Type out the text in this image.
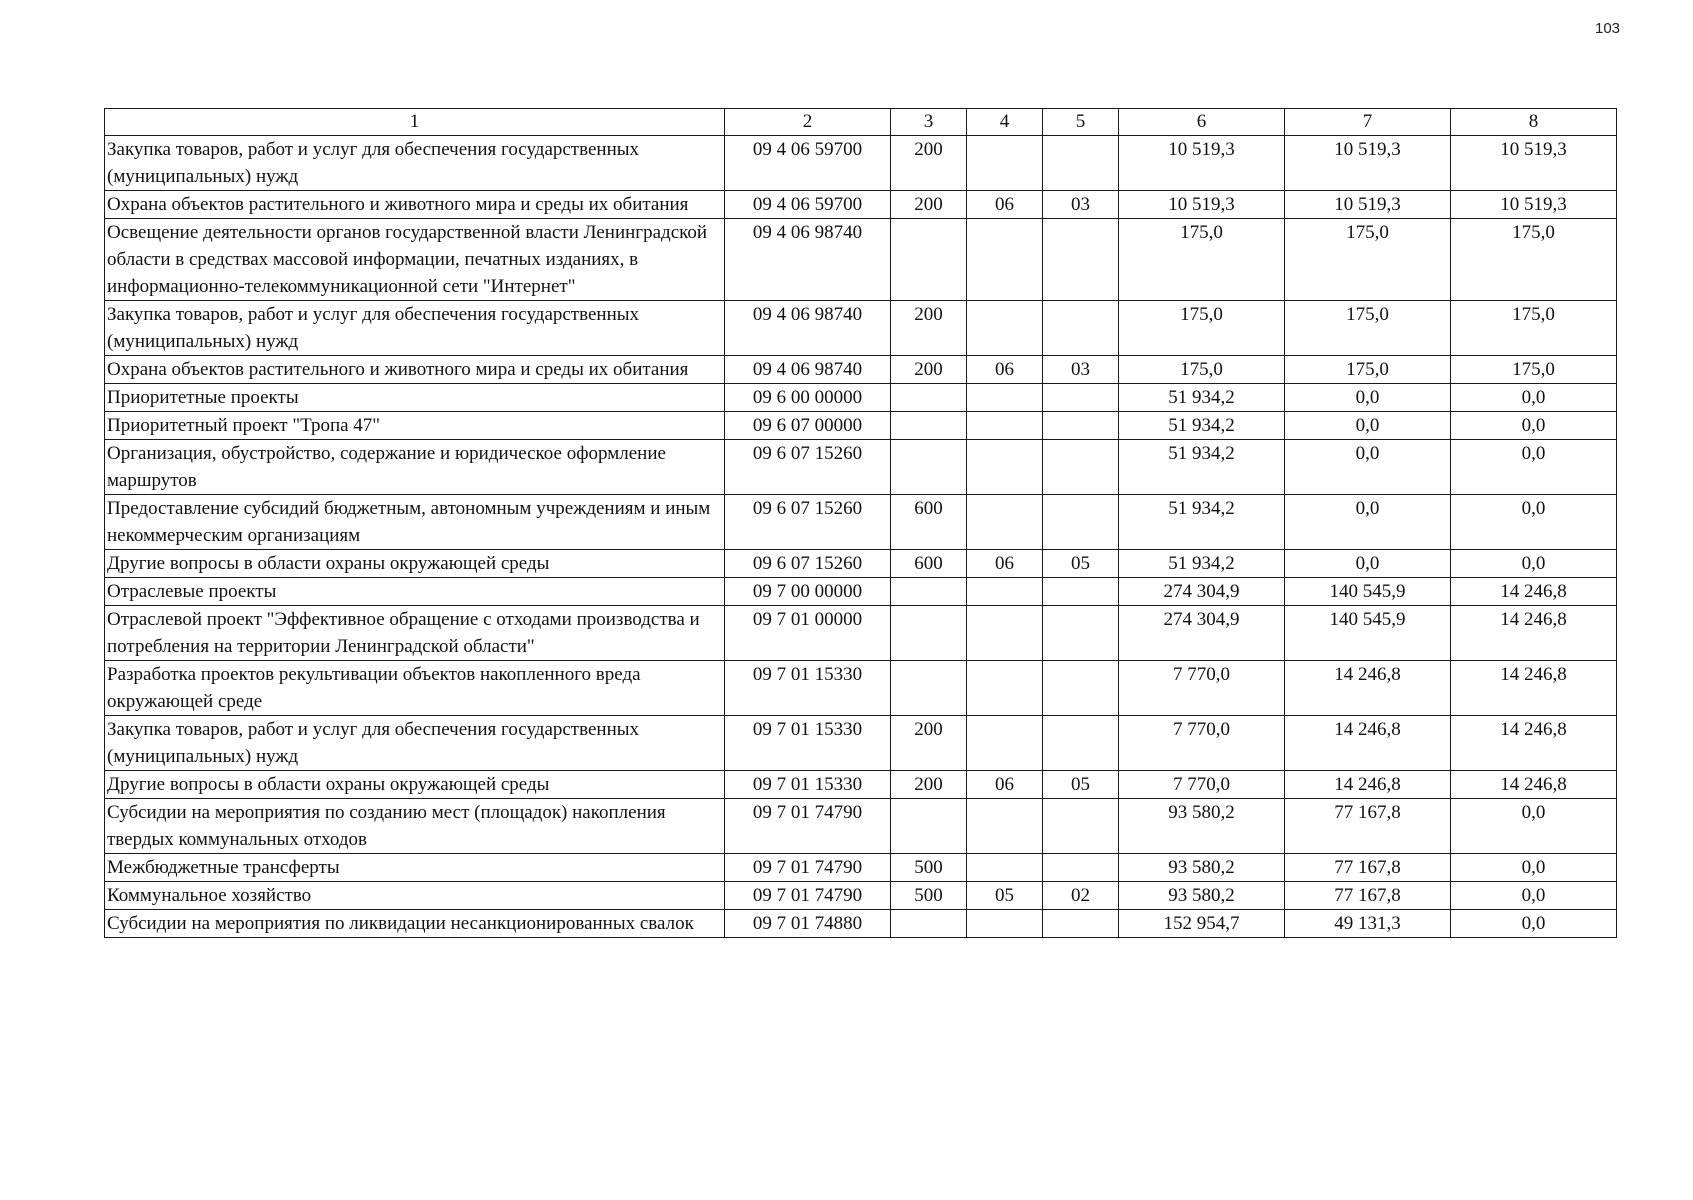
103
1	2	3	4	5	6	7	8
Закупка товаров, работ и услуг для обеспечения государственных (муниципальных) нужд	09 4 06 59700	200			10 519,3	10 519,3	10 519,3
Охрана объектов растительного и животного мира и среды их обитания	09 4 06 59700	200	06	03	10 519,3	10 519,3	10 519,3
Освещение деятельности органов государственной власти Ленинградской области в средствах массовой информации, печатных изданиях, в информационно-телекоммуникационной сети "Интернет"	09 4 06 98740				175,0	175,0	175,0
Закупка товаров, работ и услуг для обеспечения государственных (муниципальных) нужд	09 4 06 98740	200			175,0	175,0	175,0
Охрана объектов растительного и животного мира и среды их обитания	09 4 06 98740	200	06	03	175,0	175,0	175,0
Приоритетные проекты	09 6 00 00000				51 934,2	0,0	0,0
Приоритетный проект "Тропа 47"	09 6 07 00000				51 934,2	0,0	0,0
Организация, обустройство, содержание и юридическое оформление маршрутов	09 6 07 15260				51 934,2	0,0	0,0
Предоставление субсидий бюджетным, автономным учреждениям и иным некоммерческим организациям	09 6 07 15260	600			51 934,2	0,0	0,0
Другие вопросы в области охраны окружающей среды	09 6 07 15260	600	06	05	51 934,2	0,0	0,0
Отраслевые проекты	09 7 00 00000				274 304,9	140 545,9	14 246,8
Отраслевой проект "Эффективное обращение с отходами производства и потребления на территории Ленинградской области"	09 7 01 00000				274 304,9	140 545,9	14 246,8
Разработка проектов рекультивации объектов накопленного вреда окружающей среде	09 7 01 15330				7 770,0	14 246,8	14 246,8
Закупка товаров, работ и услуг для обеспечения государственных (муниципальных) нужд	09 7 01 15330	200			7 770,0	14 246,8	14 246,8
Другие вопросы в области охраны окружающей среды	09 7 01 15330	200	06	05	7 770,0	14 246,8	14 246,8
Субсидии на мероприятия по созданию мест (площадок) накопления твердых коммунальных отходов	09 7 01 74790				93 580,2	77 167,8	0,0
Межбюджетные трансферты	09 7 01 74790	500			93 580,2	77 167,8	0,0
Коммунальное хозяйство	09 7 01 74790	500	05	02	93 580,2	77 167,8	0,0
Субсидии на мероприятия по ликвидации несанкционированных свалок	09 7 01 74880				152 954,7	49 131,3	0,0
